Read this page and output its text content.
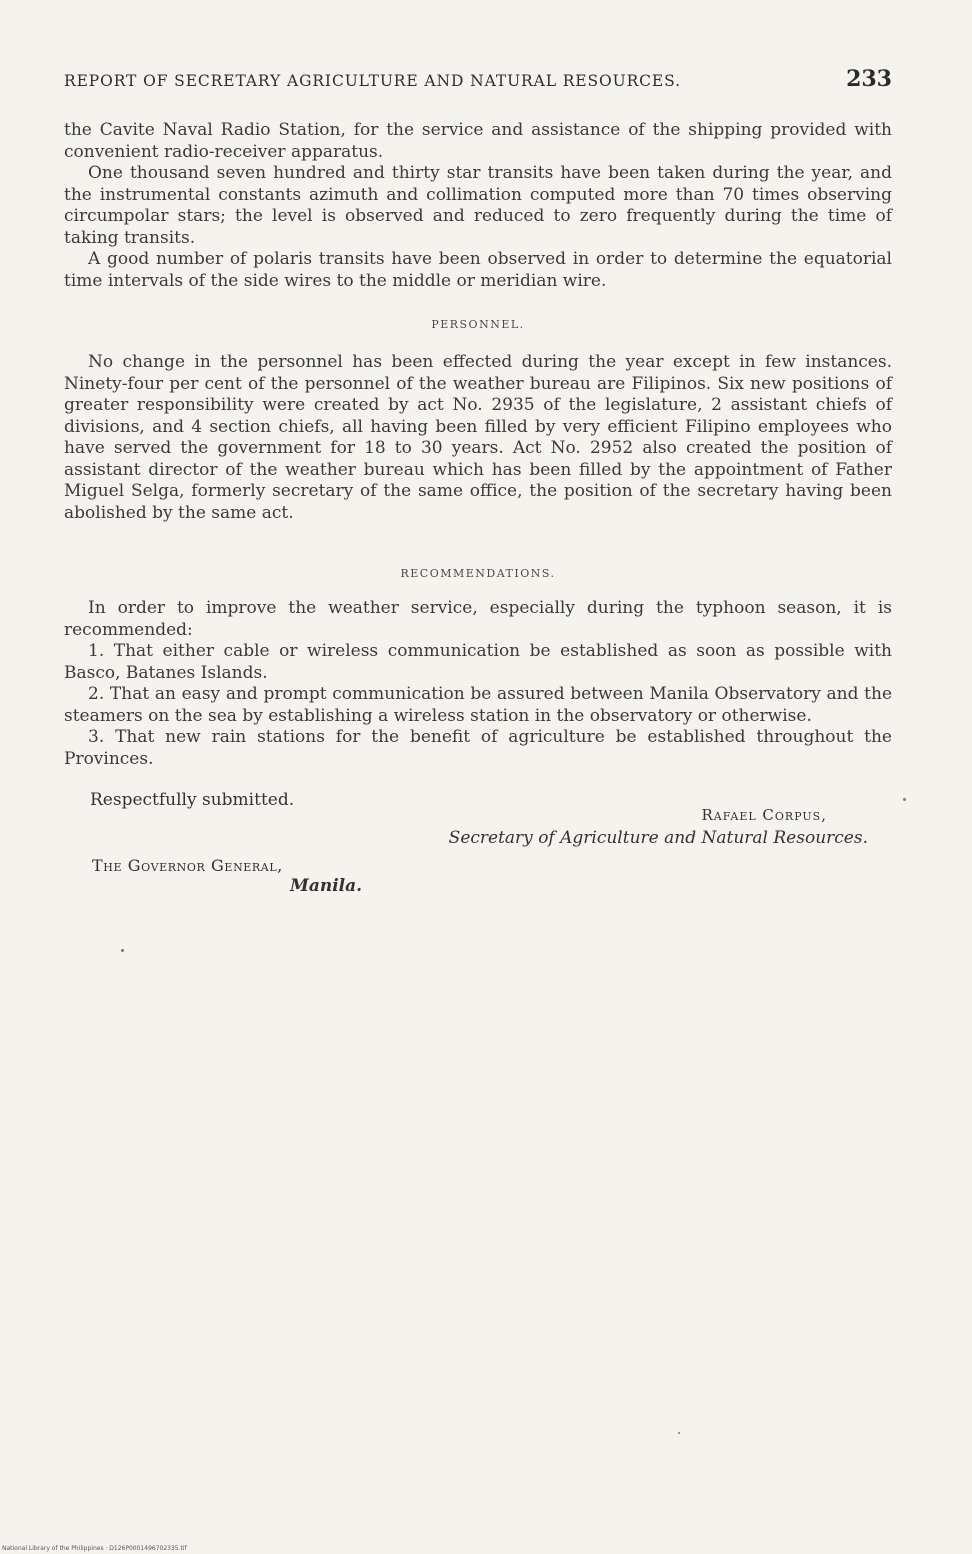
REPORT OF SECRETARY AGRICULTURE AND NATURAL RESOURCES.	233

the Cavite Naval Radio Station, for the service and assistance of the shipping provided with convenient radio-receiver apparatus.

One thousand seven hundred and thirty star transits have been taken during the year, and the instrumental constants azimuth and collimation computed more than 70 times observing circumpolar stars; the level is observed and reduced to zero frequently during the time of taking transits.

A good number of polaris transits have been observed in order to determine the equatorial time intervals of the side wires to the middle or meridian wire.

PERSONNEL.

No change in the personnel has been effected during the year except in few instances. Ninety-four per cent of the personnel of the weather bureau are Filipinos. Six new positions of greater responsibility were created by act No. 2935 of the legislature, 2 assistant chiefs of divisions, and 4 section chiefs, all having been filled by very efficient Filipino employees who have served the government for 18 to 30 years. Act No. 2952 also created the position of assistant director of the weather bureau which has been filled by the appointment of Father Miguel Selga, formerly secretary of the same office, the position of the secretary having been abolished by the same act.

RECOMMENDATIONS.

In order to improve the weather service, especially during the typhoon season, it is recommended:

1. That either cable or wireless communication be established as soon as possible with Basco, Batanes Islands.

2. That an easy and prompt communication be assured between Manila Observatory and the steamers on the sea by establishing a wireless station in the observatory or otherwise.

3. That new rain stations for the benefit of agriculture be established throughout the Provinces.

Respectfully submitted.
Rafael Corpus,
Secretary of Agriculture and Natural Resources.
The Governor General,
Manila.
National Library of the Philippines · D126P0001496702335.tif
